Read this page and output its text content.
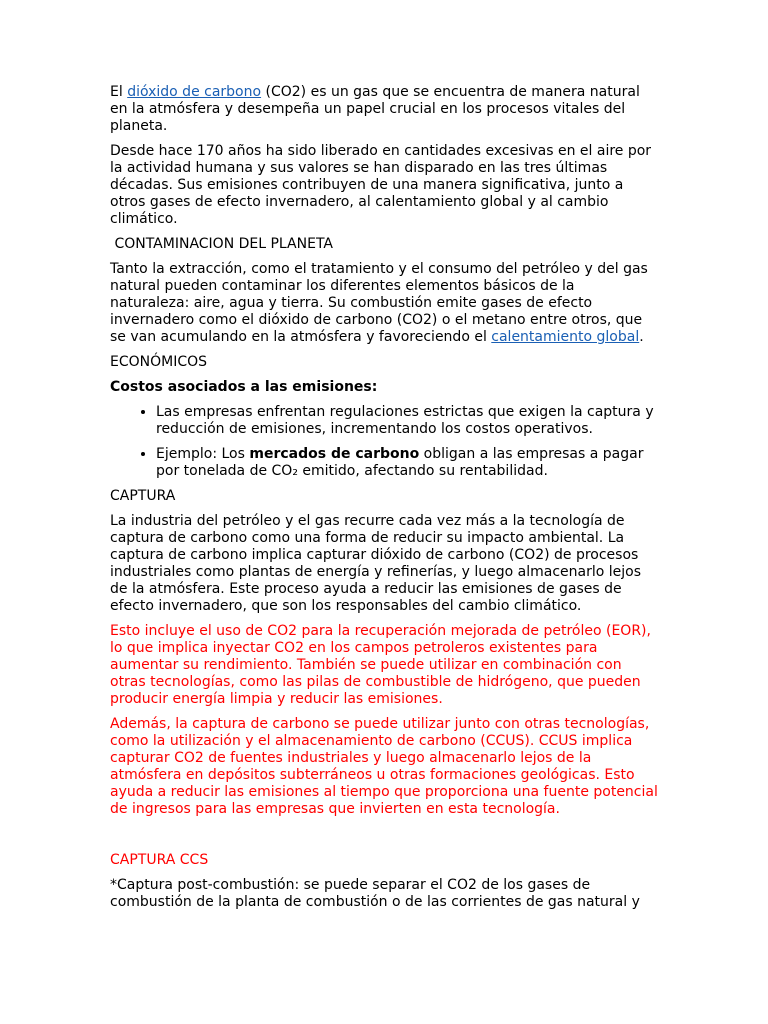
El dióxido de carbono (CO2) es un gas que se encuentra de manera natural en la atmósfera y desempeña un papel crucial en los procesos vitales del planeta.

Desde hace 170 años ha sido liberado en cantidades excesivas en el aire por la actividad humana y sus valores se han disparado en las tres últimas décadas. Sus emisiones contribuyen de una manera significativa, junto a otros gases de efecto invernadero, al calentamiento global y al cambio climático.

CONTAMINACION DEL PLANETA

Tanto la extracción, como el tratamiento y el consumo del petróleo y del gas natural pueden contaminar los diferentes elementos básicos de la naturaleza: aire, agua y tierra. Su combustión emite gases de efecto invernadero como el dióxido de carbono (CO2) o el metano entre otros, que se van acumulando en la atmósfera y favoreciendo el calentamiento global.

ECONÓMICOS

Costos asociados a las emisiones:

• Las empresas enfrentan regulaciones estrictas que exigen la captura y reducción de emisiones, incrementando los costos operativos.
• Ejemplo: Los mercados de carbono obligan a las empresas a pagar por tonelada de CO₂ emitido, afectando su rentabilidad.

CAPTURA

La industria del petróleo y el gas recurre cada vez más a la tecnología de captura de carbono como una forma de reducir su impacto ambiental. La captura de carbono implica capturar dióxido de carbono (CO2) de procesos industriales como plantas de energía y refinerías, y luego almacenarlo lejos de la atmósfera. Este proceso ayuda a reducir las emisiones de gases de efecto invernadero, que son los responsables del cambio climático.

Esto incluye el uso de CO2 para la recuperación mejorada de petróleo (EOR), lo que implica inyectar CO2 en los campos petroleros existentes para aumentar su rendimiento. También se puede utilizar en combinación con otras tecnologías, como las pilas de combustible de hidrógeno, que pueden producir energía limpia y reducir las emisiones.

Además, la captura de carbono se puede utilizar junto con otras tecnologías, como la utilización y el almacenamiento de carbono (CCUS). CCUS implica capturar CO2 de fuentes industriales y luego almacenarlo lejos de la atmósfera en depósitos subterráneos u otras formaciones geológicas. Esto ayuda a reducir las emisiones al tiempo que proporciona una fuente potencial de ingresos para las empresas que invierten en esta tecnología.

CAPTURA CCS

*Captura post-combustión: se puede separar el CO2 de los gases de combustión de la planta de combustión o de las corrientes de gas natural y
